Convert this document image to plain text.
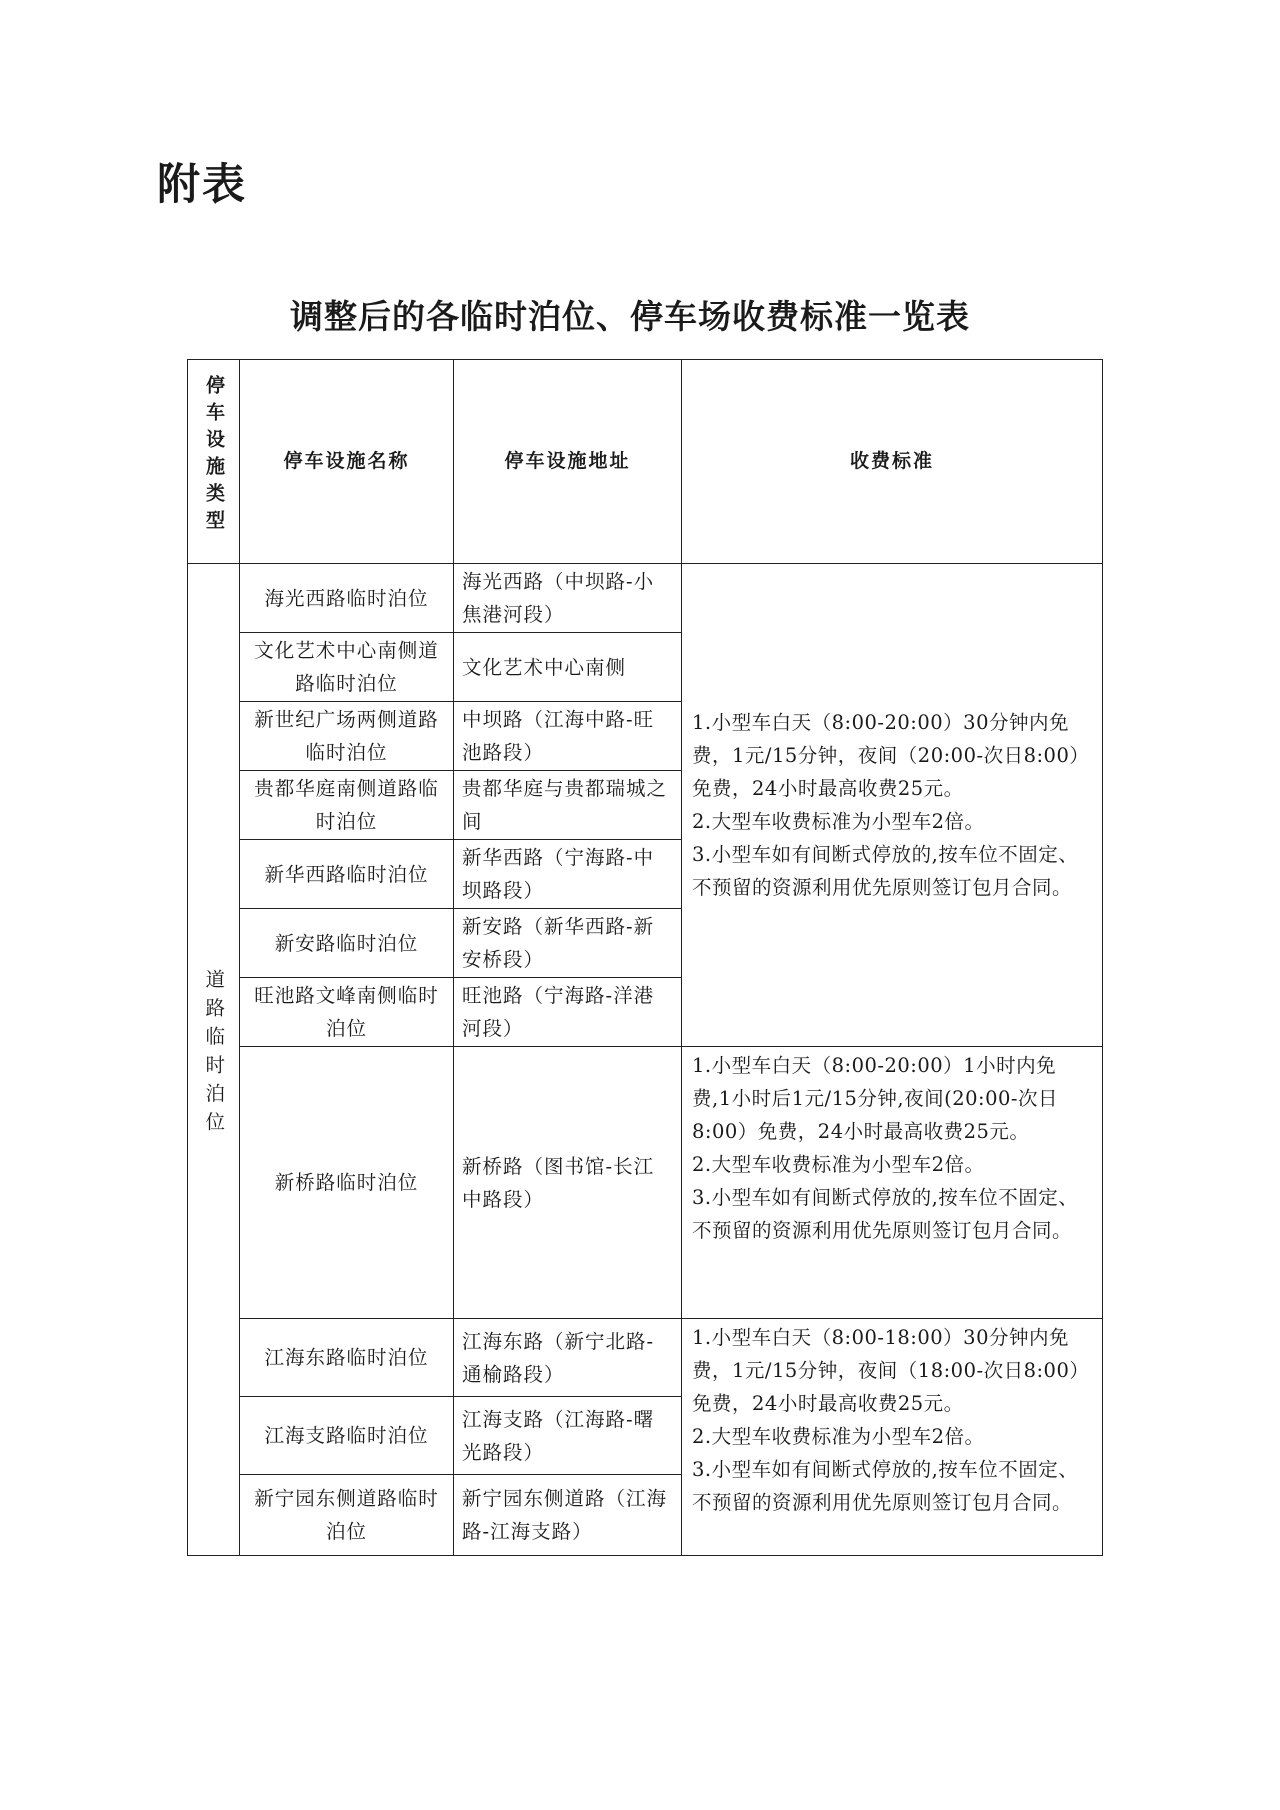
附表
调整后的各临时泊位、停车场收费标准一览表
停车设施类型	停车设施名称	停车设施地址	收费标准
道路临时泊位	海光西路临时泊位	海光西路（中坝路-小焦港河段）	1.小型车白天（8:00-20:00）30分钟内免费，1元/15分钟，夜间（20:00-次日8:00）免费，24小时最高收费25元。
2.大型车收费标准为小型车2倍。
3.小型车如有间断式停放的,按车位不固定、不预留的资源利用优先原则签订包月合同。

	文化艺术中心南侧道路临时泊位	文化艺术中心南侧	
	新世纪广场两侧道路临时泊位	中坝路（江海中路-旺池路段）	
	贵都华庭南侧道路临时泊位	贵都华庭与贵都瑞城之间	
	新华西路临时泊位	新华西路（宁海路-中坝路段）	
	新安路临时泊位	新安路（新华西路-新安桥段）	
	旺池路文峰南侧临时泊位	旺池路（宁海路-洋港河段）	
	新桥路临时泊位	新桥路（图书馆-长江中路段）	1.小型车白天（8:00-20:00）1小时内免费,1小时后1元/15分钟,夜间(20:00-次日8:00）免费，24小时最高收费25元。
2.大型车收费标准为小型车2倍。
3.小型车如有间断式停放的,按车位不固定、不预留的资源利用优先原则签订包月合同。

	江海东路临时泊位	江海东路（新宁北路-通榆路段）	1.小型车白天（8:00-18:00）30分钟内免费，1元/15分钟，夜间（18:00-次日8:00）免费，24小时最高收费25元。
2.大型车收费标准为小型车2倍。
3.小型车如有间断式停放的,按车位不固定、不预留的资源利用优先原则签订包月合同。

	江海支路临时泊位	江海支路（江海路-曙光路段）	
	新宁园东侧道路临时泊位	新宁园东侧道路（江海路-江海支路）	
